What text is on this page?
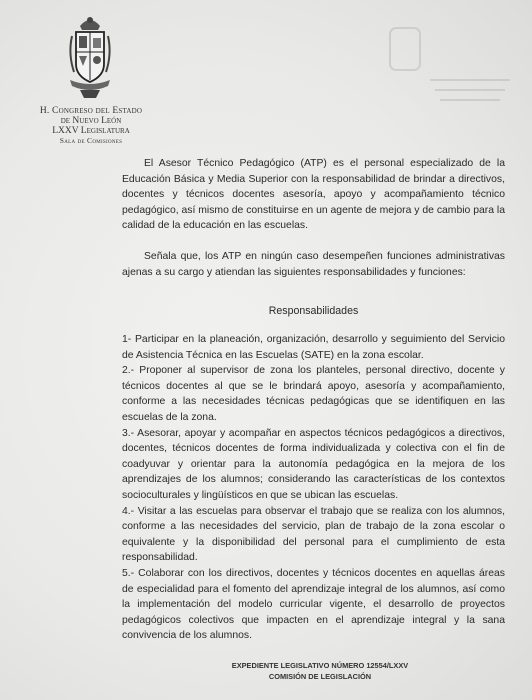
H. Congreso del Estado
de Nuevo León
LXXV Legislatura
Sala de Comisiones
El Asesor Técnico Pedagógico (ATP) es el personal especializado de la Educación Básica y Media Superior con la responsabilidad de brindar a directivos, docentes y técnicos docentes asesoría, apoyo y acompañamiento técnico pedagógico, así mismo de constituirse en un agente de mejora y de cambio para la calidad de la educación en las escuelas.
Señala que, los ATP en ningún caso desempeñen funciones administrativas ajenas a su cargo y atiendan las siguientes responsabilidades y funciones:
Responsabilidades
1- Participar en la planeación, organización, desarrollo y seguimiento del Servicio de Asistencia Técnica en las Escuelas (SATE) en la zona escolar.
2.- Proponer al supervisor de zona los planteles, personal directivo, docente y técnicos docentes al que se le brindará apoyo, asesoría y acompañamiento, conforme a las necesidades técnicas pedagógicas que se identifiquen en las escuelas de la zona.
3.- Asesorar, apoyar y acompañar en aspectos técnicos pedagógicos a directivos, docentes, técnicos docentes de forma individualizada y colectiva con el fin de coadyuvar y orientar para la autonomía pedagógica en la mejora de los aprendizajes de los alumnos; considerando las características de los contextos socioculturales y lingüísticos en que se ubican las escuelas.
4.- Visitar a las escuelas para observar el trabajo que se realiza con los alumnos, conforme a las necesidades del servicio, plan de trabajo de la zona escolar o equivalente y la disponibilidad del personal para el cumplimiento de esta responsabilidad.
5.- Colaborar con los directivos, docentes y técnicos docentes en aquellas áreas de especialidad para el fomento del aprendizaje integral de los alumnos, así como la implementación del modelo curricular vigente, el desarrollo de proyectos pedagógicos colectivos que impacten en el aprendizaje integral y la sana convivencia de los alumnos.
EXPEDIENTE LEGISLATIVO NÚMERO 12554/LXXV
COMISIÓN DE LEGISLACIÓN
